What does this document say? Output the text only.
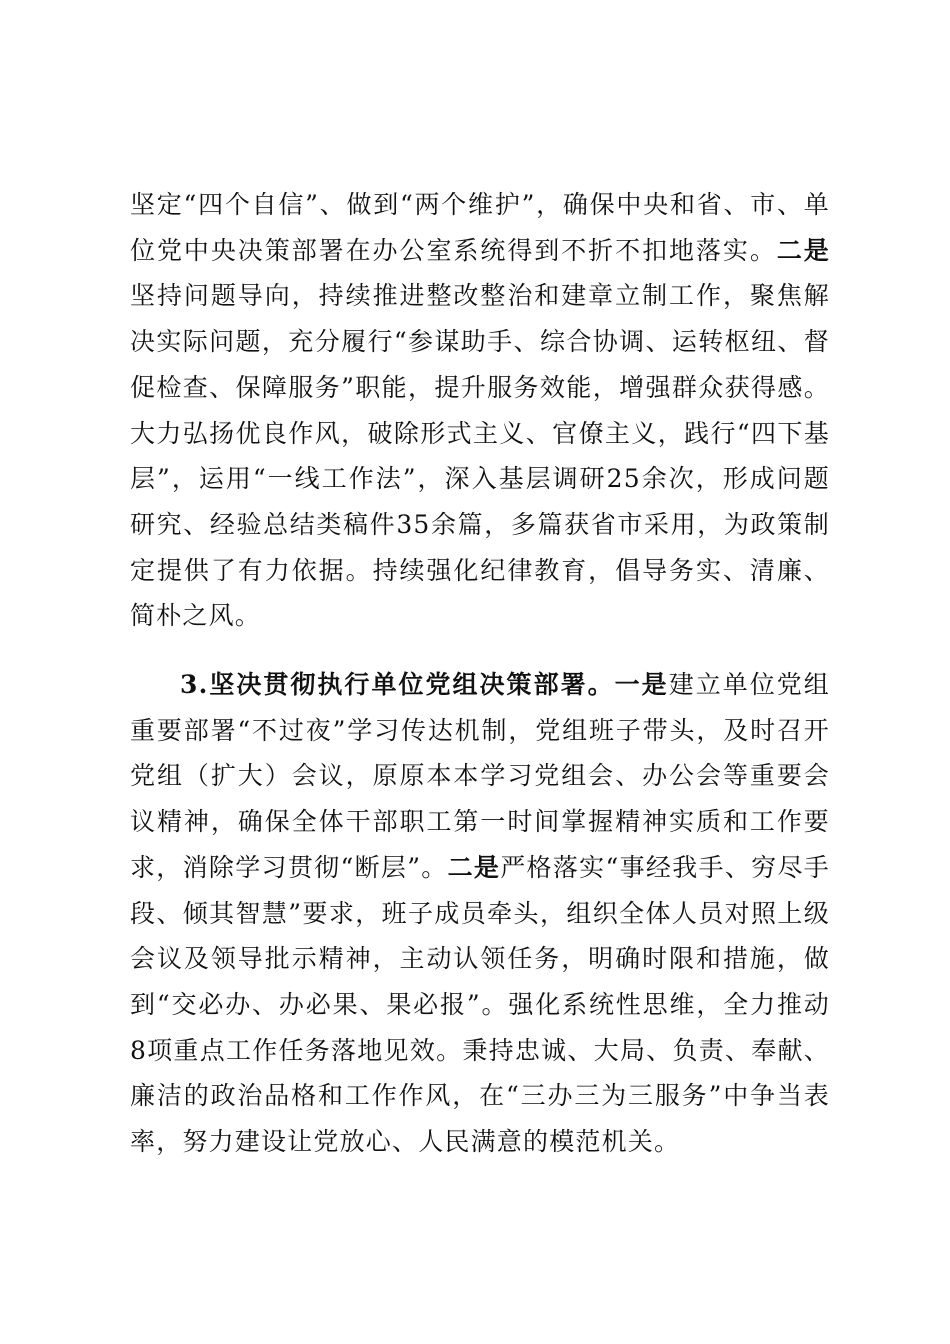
坚定“四个自信”、做到“两个维护”，确保中央和省、市、单位党中央决策部署在办公室系统得到不折不扣地落实。二是坚持问题导向，持续推进整改整治和建章立制工作，聚焦解决实际问题，充分履行“参谋助手、综合协调、运转枢纽、督促检查、保障服务”职能，提升服务效能，增强群众获得感。大力弘扬优良作风，破除形式主义、官僚主义，践行“四下基层”，运用“一线工作法”，深入基层调研25余次，形成问题研究、经验总结类稿件35余篇，多篇获省市采用，为政策制定提供了有力依据。持续强化纪律教育，倡导务实、清廉、简朴之风。

3.坚决贯彻执行单位党组决策部署。一是建立单位党组重要部署“不过夜”学习传达机制，党组班子带头，及时召开党组（扩大）会议，原原本本学习党组会、办公会等重要会议精神，确保全体干部职工第一时间掌握精神实质和工作要求，消除学习贯彻“断层”。二是严格落实“事经我手、穷尽手段、倾其智慧”要求，班子成员牵头，组织全体人员对照上级会议及领导批示精神，主动认领任务，明确时限和措施，做到“交必办、办必果、果必报”。强化系统性思维，全力推动8项重点工作任务落地见效。秉持忠诚、大局、负责、奉献、廉洁的政治品格和工作作风，在“三办三为三服务”中争当表率，努力建设让党放心、人民满意的模范机关。
